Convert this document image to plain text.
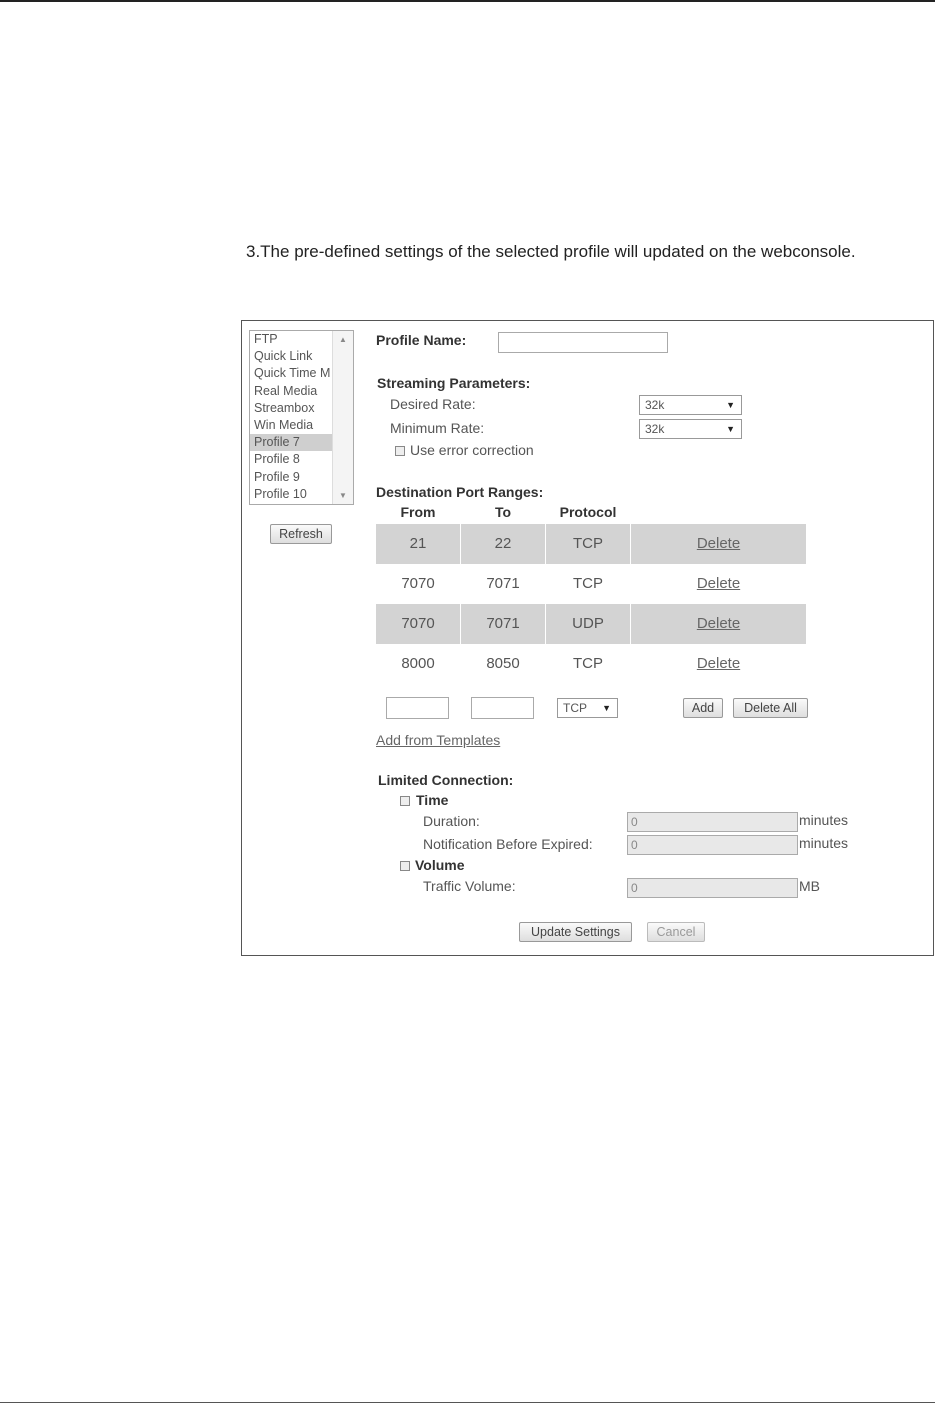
3.The pre-defined settings of the selected profile will updated on the webconsole.
FTP
Quick Link
Quick Time M
Real Media
Streambox
Win Media
Profile 7
Profile 8
Profile 9
Profile 10
▲
▼
Refresh
Profile Name:
Streaming Parameters:
Desired Rate:	32k	▼
Minimum Rate:	32k	▼
Use error correction
Destination Port Ranges:
From	To	Protocol
21	22	TCP	Delete
7070	7071	TCP	Delete
7070	7071	UDP	Delete
8000	8050	TCP	Delete
TCP ▼	Add	Delete All
Add from Templates
Limited Connection:
Time
Duration:	0	minutes
Notification Before Expired:	0	minutes
Volume
Traffic Volume:	0	MB
Update Settings	Cancel
